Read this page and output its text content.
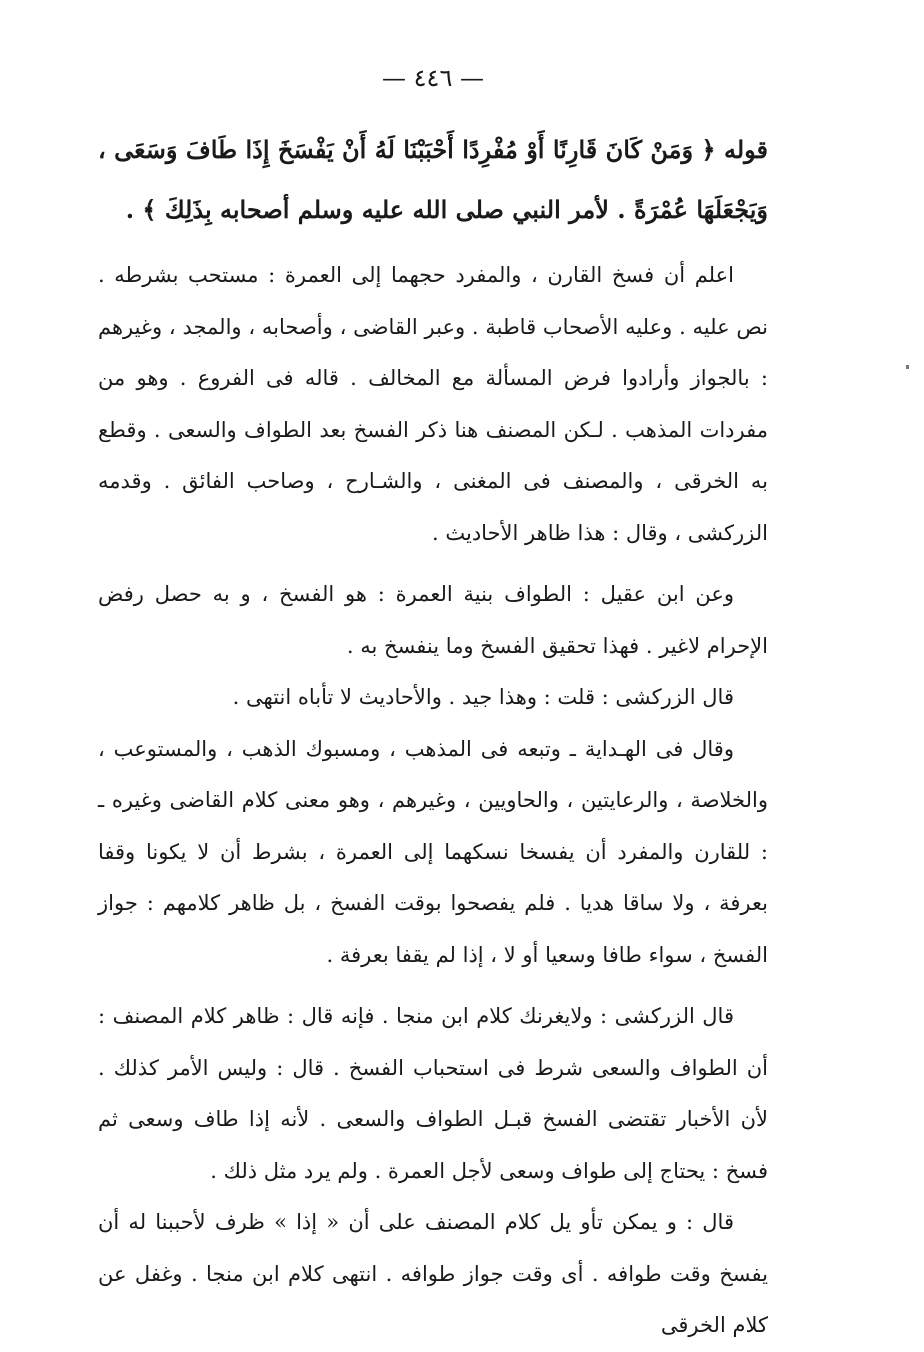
— ٤٤٦ —

قوله ﴿ وَمَنْ كَانَ قَارِنًا أَوْ مُفْرِدًا أَحْبَبْنَا لَهُ أَنْ يَفْسَخَ إِذَا طَافَ وَسَعَى ، وَيَجْعَلَهَا عُمْرَةً . لأمر النبي صلى الله عليه وسلم أصحابه بِذَلِكَ ﴾ .

اعلم أن فسخ القارن ، والمفرد حجهما إلى العمرة : مستحب بشرطه . نص عليه . وعليه الأصحاب قاطبة . وعبر القاضى ، وأصحابه ، والمجد ، وغيرهم : بالجواز وأرادوا فرض المسألة مع المخالف . قاله فى الفروع . وهو من مفردات المذهب . لـكن المصنف هنا ذكر الفسخ بعد الطواف والسعى . وقطع به الخرقى ، والمصنف فى المغنى ، والشـارح ، وصاحب الفائق . وقدمه الزركشى ، وقال : هذا ظاهر الأحاديث .

وعن ابن عقيل : الطواف بنية العمرة : هو الفسخ ، و به حصل رفض الإحرام لاغير . فهذا تحقيق الفسخ وما ينفسخ به .

قال الزركشى : قلت : وهذا جيد . والأحاديث لا تأباه انتهى .

وقال فى الهـداية ـ وتبعه فى المذهب ، ومسبوك الذهب ، والمستوعب ، والخلاصة ، والرعايتين ، والحاويين ، وغيرهم ، وهو معنى كلام القاضى وغيره ـ : للقارن والمفرد أن يفسخا نسكهما إلى العمرة ، بشرط أن لا يكونا وقفا بعرفة ، ولا ساقا هديا . فلم يفصحوا بوقت الفسخ ، بل ظاهر كلامهم : جواز الفسخ ، سواء طافا وسعيا أو لا ، إذا لم يقفا بعرفة .

قال الزركشى : ولايغرنك كلام ابن منجا . فإنه قال : ظاهر كلام المصنف : أن الطواف والسعى شرط فى استحباب الفسخ . قال : وليس الأمر كذلك . لأن الأخبار تقتضى الفسخ قبـل الطواف والسعى . لأنه إذا طاف وسعى ثم فسخ : يحتاج إلى طواف وسعى لأجل العمرة . ولم يرد مثل ذلك .

قال : و يمكن تأو يل كلام المصنف على أن « إذا » ظرف لأحببنا له أن يفسخ وقت طوافه . أى وقت جواز طوافه . انتهى كلام ابن منجا . وغفل عن كلام الخرقى
